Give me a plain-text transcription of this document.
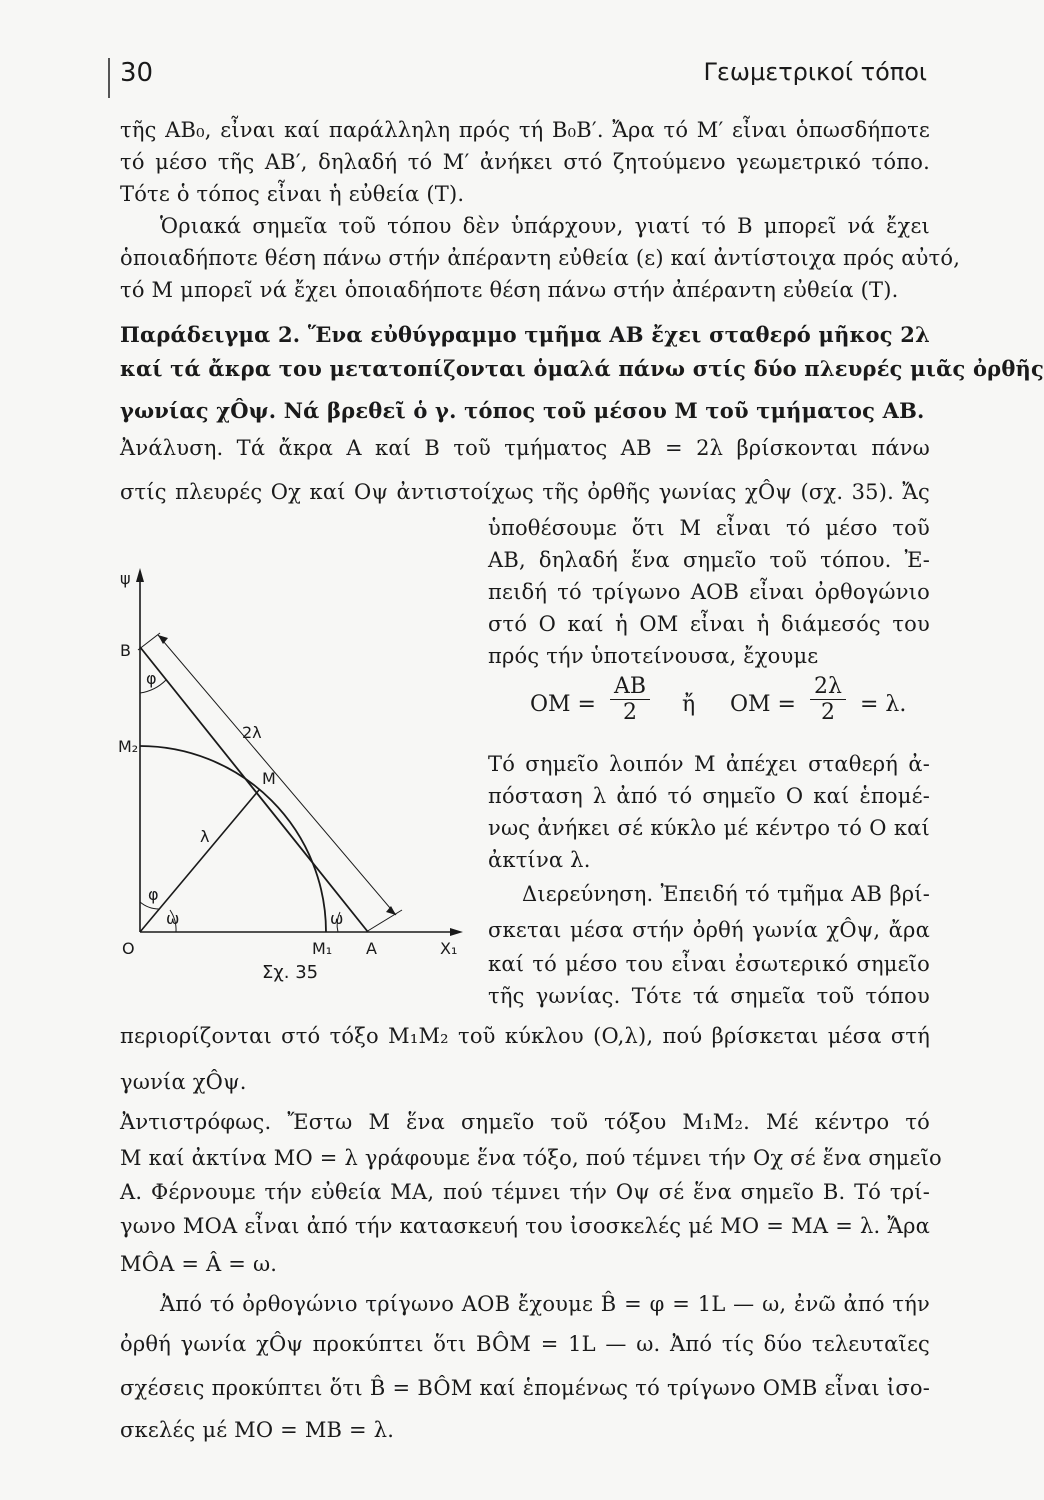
30	Γεωμετρικοί τόποι
τῆς AB₀, εἶναι καί παράλληλη πρός τή B₀B′. Ἄρα τό M′ εἶναι ὁπωσδήποτε
τό μέσο τῆς AB′, δηλαδή τό M′ ἀνήκει στό ζητούμενο γεωμετρικό τόπο.
Τότε ὁ τόπος εἶναι ἡ εὐθεία (T).
Ὁριακά σημεῖα τοῦ τόπου δὲν ὑπάρχουν, γιατί τό B μπορεῖ νά ἔχει
ὁποιαδήποτε θέση πάνω στήν ἀπέραντη εὐθεία (ε) καί ἀντίστοιχα πρός αὐτό,
τό M μπορεῖ νά ἔχει ὁποιαδήποτε θέση πάνω στήν ἀπέραντη εὐθεία (T).
Παράδειγμα 2. Ἕνα εὐθύγραμμο τμῆμα AB ἔχει σταθερό μῆκος 2λ
καί τά ἄκρα του μετατοπίζονται ὁμαλά πάνω στίς δύο πλευρές μιᾶς ὀρθῆς
γωνίας χÔψ. Νά βρεθεῖ ὁ γ. τόπος τοῦ μέσου M τοῦ τμήματος AB.
Ἀνάλυση. Τά ἄκρα A καί B τοῦ τμήματος AB = 2λ βρίσκονται πάνω
στίς πλευρές Oχ καί Oψ ἀντιστοίχως τῆς ὀρθῆς γωνίας χÔψ (σχ. 35). Ἄς
ὑποθέσουμε ὅτι M εἶναι τό μέσο τοῦ
AB, δηλαδή ἕνα σημεῖο τοῦ τόπου. Ἐ-
πειδή τό τρίγωνο AOB εἶναι ὀρθογώνιο
στό O καί ἡ OM εἶναι ἡ διάμεσός του
πρός τήν ὑποτείνουσα, ἔχουμε
OM = $\frac{AB}{2}$ ἤ OM = $\frac{2\lambda}{2} = \lambda$.
Τό σημεῖο λοιπόν M ἀπέχει σταθερή ἀ-
πόσταση λ ἀπό τό σημεῖο O καί ἑπομέ-
νως ἀνήκει σέ κύκλο μέ κέντρο τό O καί
ἀκτίνα λ.
Διερεύνηση. Ἐπειδή τό τμῆμα AB βρί-
σκεται μέσα στήν ὀρθή γωνία χÔψ, ἄρα
καί τό μέσο του εἶναι ἐσωτερικό σημεῖο
τῆς γωνίας. Τότε τά σημεῖα τοῦ τόπου
περιορίζονται στό τόξο M₁M₂ τοῦ κύκλου (O,λ), πού βρίσκεται μέσα στή
γωνία χÔψ.
Ἀντιστρόφως. Ἔστω M ἕνα σημεῖο τοῦ τόξου M₁M₂. Μέ κέντρο τό
M καί ἀκτίνα MO = λ γράφουμε ἕνα τόξο, πού τέμνει τήν Oχ σέ ἕνα σημεῖο
A. Φέρνουμε τήν εὐθεία MA, πού τέμνει τήν Oψ σέ ἕνα σημεῖο B. Τό τρί-
γωνο MOA εἶναι ἀπό τήν κατασκευή του ἰσοσκελές μέ MO = MA = λ. Ἄρα
MÔA = Â = ω.
Ἀπό τό ὀρθογώνιο τρίγωνο AOB ἔχουμε B̂ = φ = 1L — ω, ἐνῶ ἀπό τήν
ὀρθή γωνία χÔψ προκύπτει ὅτι BÔM = 1L — ω. Ἀπό τίς δύο τελευταῖες
σχέσεις προκύπτει ὅτι B̂ = BÔM καί ἑπομένως τό τρίγωνο OMB εἶναι ἰσο-
σκελές μέ MO = MB = λ.
ψ
B
M₂
φ
2λ
M
λ
φ
ω	ω
O	M₁ A	X₁
Σχ. 35
